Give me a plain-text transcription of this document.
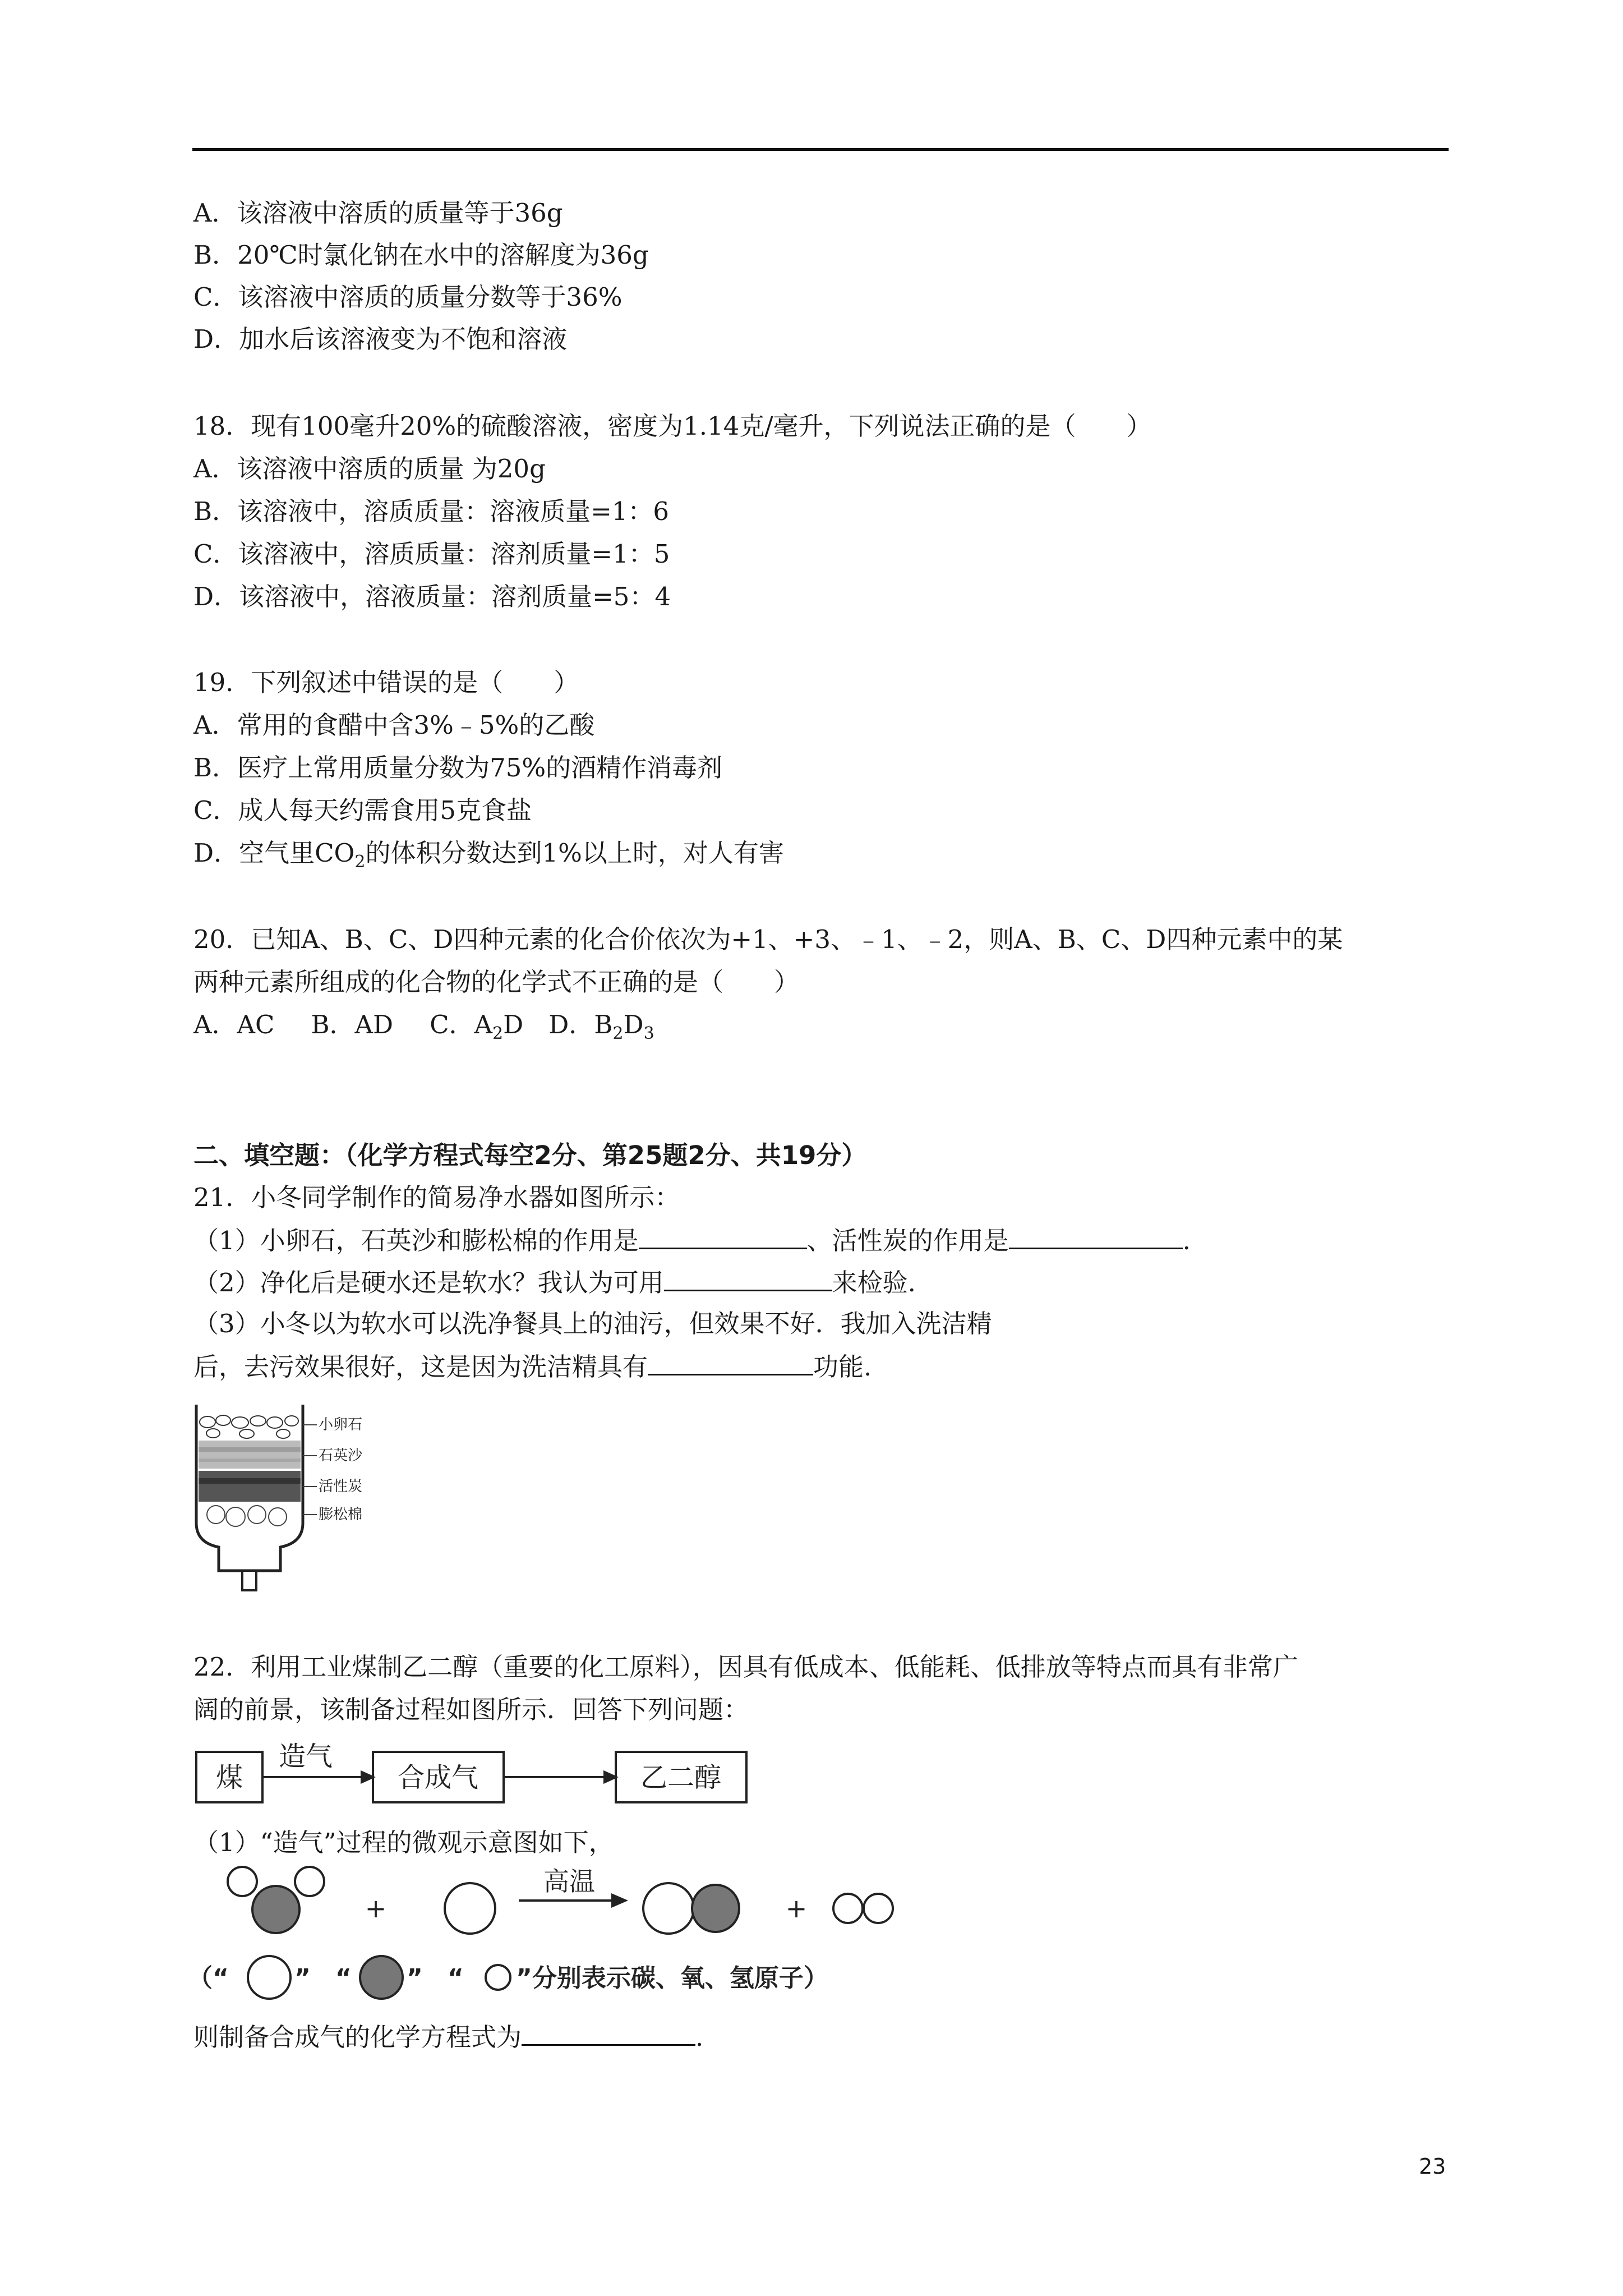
A．该溶液中溶质的质量等于36g
B．20℃时氯化钠在水中的溶解度为36g
C．该溶液中溶质的质量分数等于36%
D．加水后该溶液变为不饱和溶液
18．现有100毫升20%的硫酸溶液，密度为1.14克/毫升，下列说法正确的是（　　）
A．该溶液中溶质的质量 为20g
B．该溶液中，溶质质量：溶液质量=1：6
C．该溶液中，溶质质量：溶剂质量=1：5
D．该溶液中，溶液质量：溶剂质量=5：4
19．下列叙述中错误的是（　　）
A．常用的食醋中含3%﹣5%的乙酸
B．医疗上常用质量分数为75%的酒精作消毒剂
C．成人每天约需食用5克食盐
D．空气里$CO_2$的体积分数达到1%以上时，对人有害
20．已知A、B、C、D四种元素的化合价依次为+1、+3、﹣1、﹣2，则A、B、C、D四种元素中的某
两种元素所组成的化合物的化学式不正确的是（　　）
A．AC B．AD C．$A_2D$ D．$B_2D_3$
二、填空题：（化学方程式每空2分、第25题2分、共19分）
21．小冬同学制作的简易净水器如图所示：
（1）小卵石，石英沙和膨松棉的作用是	、活性炭的作用是	.
（2）净化后是硬水还是软水？我认为可用	来检验.
（3）小冬以为软水可以洗净餐具上的油污，但效果不好．我加入洗洁精
后，去污效果很好，这是因为洗洁精具有	功能.
小卵石
石英沙
活性炭
膨松棉
22．利用工业煤制乙二醇（重要的化工原料），因具有低成本、低能耗、低排放等特点而具有非常广
阔的前景，该制备过程如图所示．回答下列问题：
煤	合成气	乙二醇
造气
（1）“造气”过程的微观示意图如下，
+	+
高温
（“	”　“ ”　“ ”分别表示碳、氧、氢原子）
则制备合成气的化学方程式为	.
23
